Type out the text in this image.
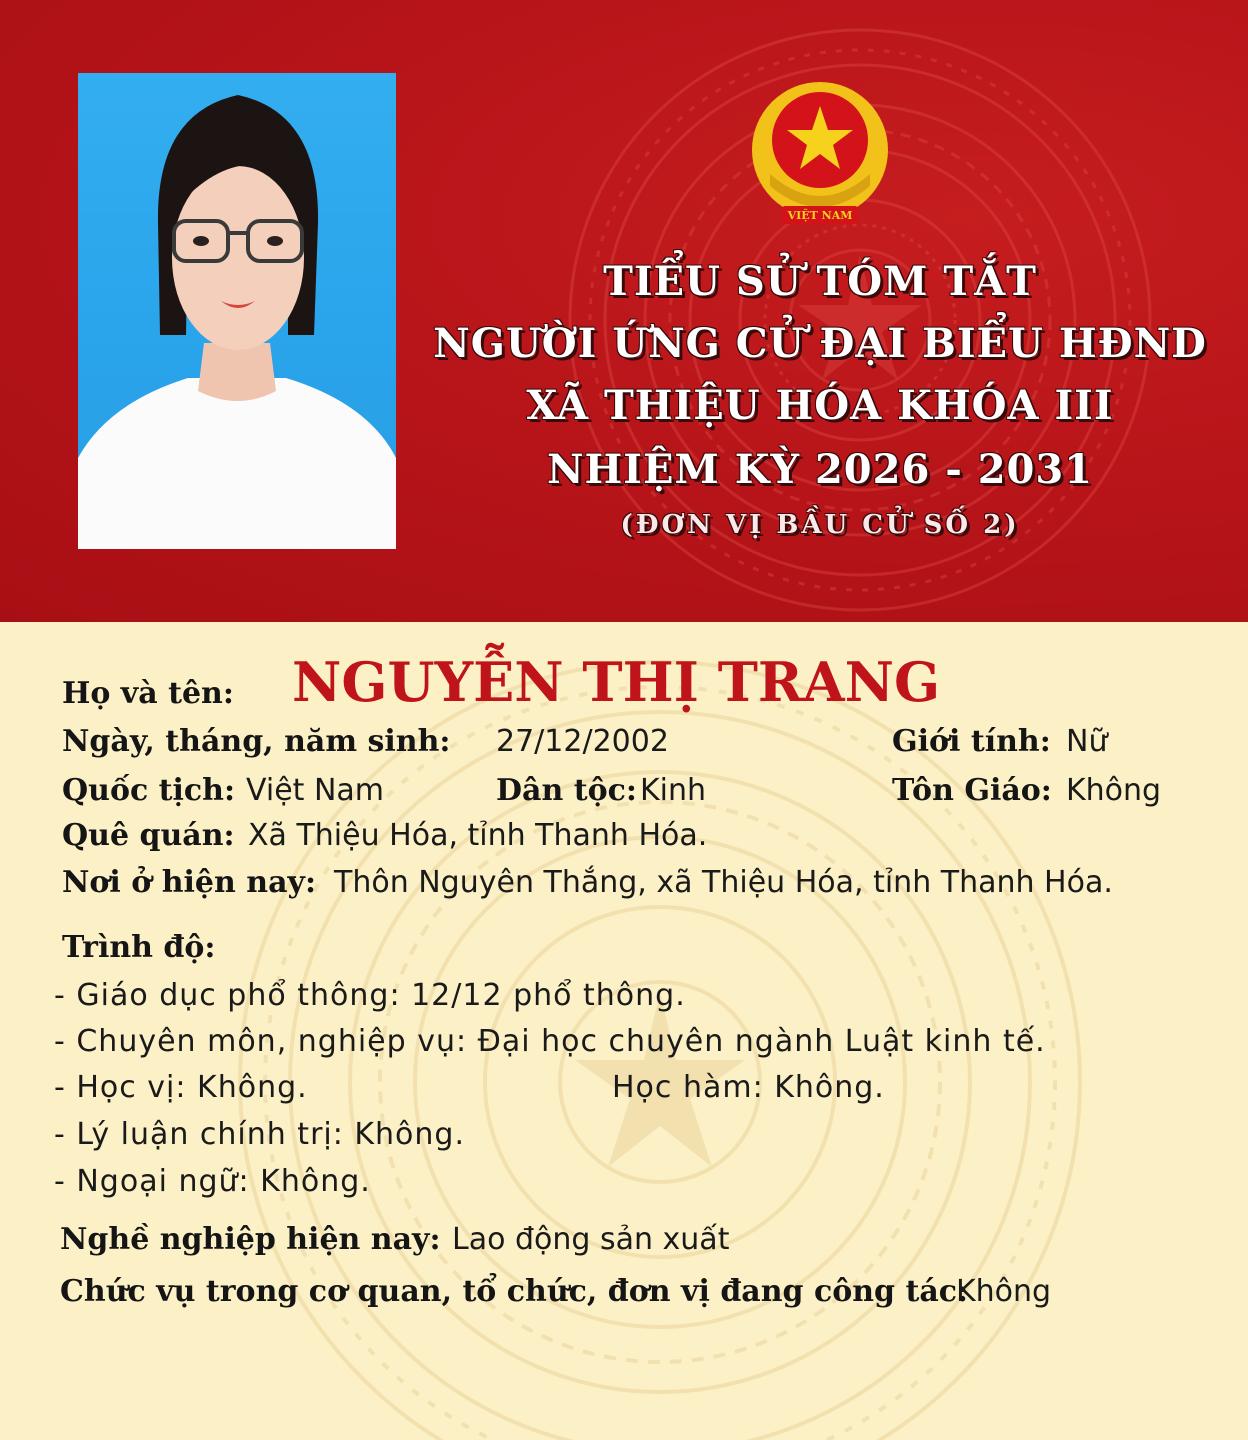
VIỆT NAM
TIỂU SỬ TÓM TẮT
NGƯỜI ỨNG CỬ ĐẠI BIỂU HĐND
XÃ THIỆU HÓA KHÓA III
NHIỆM KỲ 2026 - 2031
(ĐƠN VỊ BẦU CỬ SỐ 2)
Họ và tên: NGUYỄN THỊ TRANG
Ngày, tháng, năm sinh: 27/12/2002	Giới tính: Nữ
Quốc tịch: Việt Nam	Dân tộc: Kinh	Tôn Giáo: Không
Quê quán: Xã Thiệu Hóa, tỉnh Thanh Hóa.
Nơi ở hiện nay: Thôn Nguyên Thắng, xã Thiệu Hóa, tỉnh Thanh Hóa.
Trình độ:
- Giáo dục phổ thông: 12/12 phổ thông.
- Chuyên môn, nghiệp vụ: Đại học chuyên ngành Luật kinh tế.
- Học vị: Không.	Học hàm: Không.
- Lý luận chính trị: Không.
- Ngoại ngữ: Không.
Nghề nghiệp hiện nay: Lao động sản xuất
Chức vụ trong cơ quan, tổ chức, đơn vị đang công tác:
Không
